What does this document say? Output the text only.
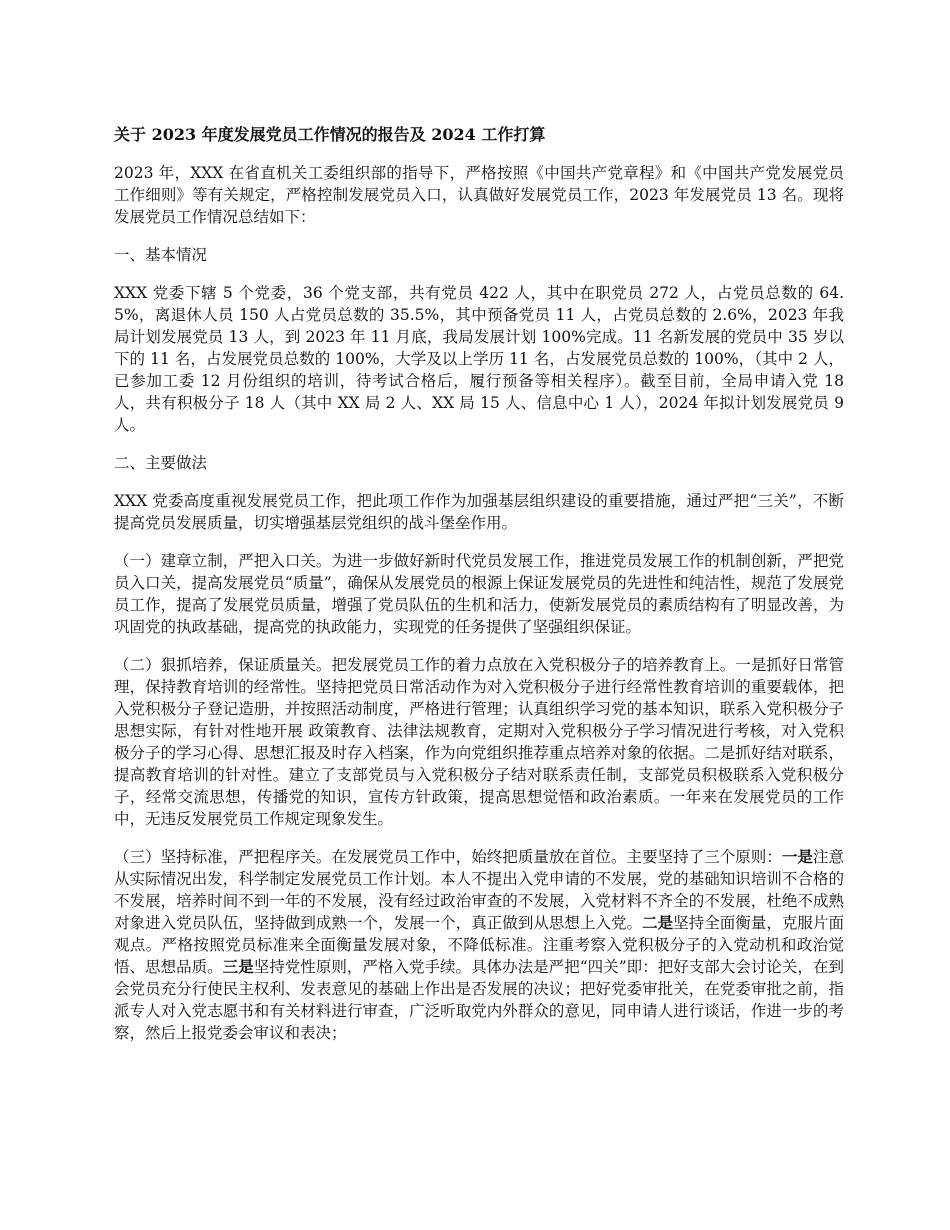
关于 2023 年度发展党员工作情况的报告及 2024 工作打算
2023 年，XXX 在省直机关工委组织部的指导下，严格按照《中国共产党章程》和《中国共产党发展党员工作细则》等有关规定，严格控制发展党员入口，认真做好发展党员工作，2023 年发展党员 13 名。现将发展党员工作情况总结如下：
一、基本情况
XXX 党委下辖 5 个党委，36 个党支部，共有党员 422 人，其中在职党员 272 人，占党员总数的 64.5%，离退休人员 150 人占党员总数的 35.5%，其中预备党员 11 人，占党员总数的 2.6%，2023 年我局计划发展党员 13 人，到 2023 年 11 月底，我局发展计划 100%完成。11 名新发展的党员中 35 岁以下的 11 名，占发展党员总数的 100%，大学及以上学历 11 名，占发展党员总数的 100%，（其中 2 人，已参加工委 12 月份组织的培训，待考试合格后，履行预备等相关程序）。截至目前，全局申请入党 18 人，共有积极分子 18 人（其中 XX 局 2 人、XX 局 15 人、信息中心 1 人），2024 年拟计划发展党员 9 人。
二、主要做法
XXX 党委高度重视发展党员工作，把此项工作作为加强基层组织建设的重要措施，通过严把“三关”，不断提高党员发展质量，切实增强基层党组织的战斗堡垒作用。
（一）建章立制，严把入口关。为进一步做好新时代党员发展工作，推进党员发展工作的机制创新，严把党员入口关，提高发展党员“质量”，确保从发展党员的根源上保证发展党员的先进性和纯洁性，规范了发展党员工作，提高了发展党员质量，增强了党员队伍的生机和活力，使新发展党员的素质结构有了明显改善，为巩固党的执政基础，提高党的执政能力，实现党的任务提供了坚强组织保证。
（二）狠抓培养，保证质量关。把发展党员工作的着力点放在入党积极分子的培养教育上。一是抓好日常管理，保持教育培训的经常性。坚持把党员日常活动作为对入党积极分子进行经常性教育培训的重要载体，把入党积极分子登记造册，并按照活动制度，严格进行管理；认真组织学习党的基本知识，联系入党积极分子思想实际，有针对性地开展 政策教育、法律法规教育，定期对入党积极分子学习情况进行考核，对入党积极分子的学习心得、思想汇报及时存入档案，作为向党组织推荐重点培养对象的依据。二是抓好结对联系，提高教育培训的针对性。建立了支部党员与入党积极分子结对联系责任制，支部党员积极联系入党积极分子，经常交流思想，传播党的知识，宣传方针政策，提高思想觉悟和政治素质。一年来在发展党员的工作中，无违反发展党员工作规定现象发生。
（三）坚持标准，严把程序关。在发展党员工作中，始终把质量放在首位。主要坚持了三个原则：一是注意从实际情况出发，科学制定发展党员工作计划。本人不提出入党申请的不发展，党的基础知识培训不合格的不发展，培养时间不到一年的不发展，没有经过政治审查的不发展，入党材料不齐全的不发展，杜绝不成熟对象进入党员队伍，坚持做到成熟一个，发展一个，真正做到从思想上入党。二是坚持全面衡量，克服片面观点。严格按照党员标准来全面衡量发展对象，不降低标准。注重考察入党积极分子的入党动机和政治觉悟、思想品质。三是坚持党性原则，严格入党手续。具体办法是严把“四关”即：把好支部大会讨论关，在到会党员充分行使民主权利、发表意见的基础上作出是否发展的决议；把好党委审批关，在党委审批之前，指派专人对入党志愿书和有关材料进行审查，广泛听取党内外群众的意见，同申请人进行谈话，作进一步的考察，然后上报党委会审议和表决；
